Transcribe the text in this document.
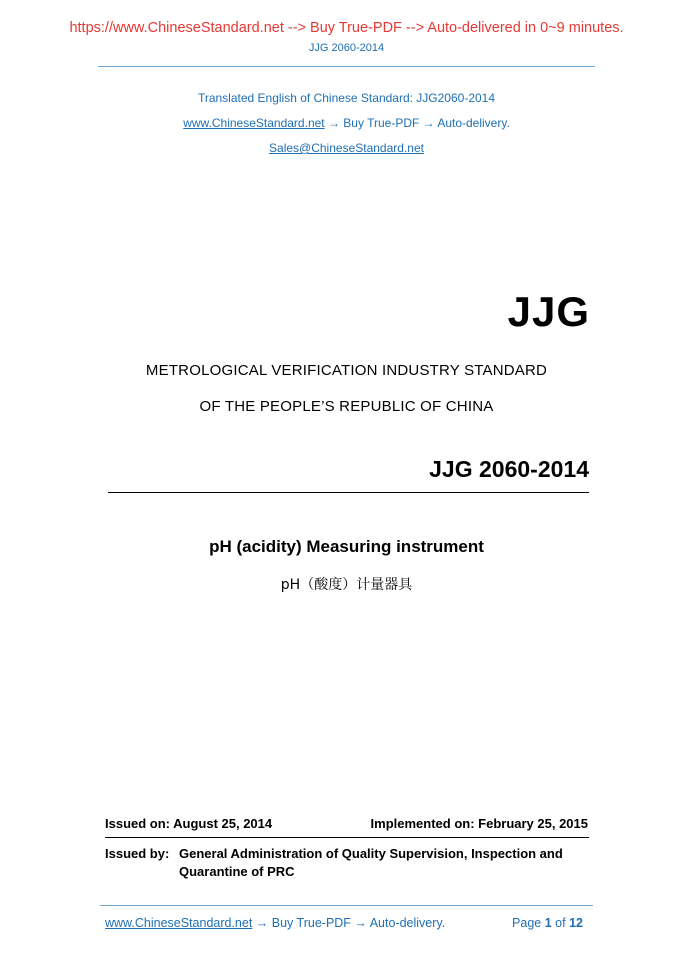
https://www.ChineseStandard.net --> Buy True-PDF --> Auto-delivered in 0~9 minutes.
JJG 2060-2014
Translated English of Chinese Standard: JJG2060-2014
www.ChineseStandard.net → Buy True-PDF → Auto-delivery.
Sales@ChineseStandard.net
JJG
METROLOGICAL VERIFICATION INDUSTRY STANDARD
OF THE PEOPLE’S REPUBLIC OF CHINA
JJG 2060-2014
pH (acidity) Measuring instrument
pH（酸度）计量器具
Issued on: August 25, 2014	Implemented on: February 25, 2015
Issued by: General Administration of Quality Supervision, Inspection and Quarantine of PRC
www.ChineseStandard.net → Buy True-PDF → Auto-delivery.	Page 1 of 12
